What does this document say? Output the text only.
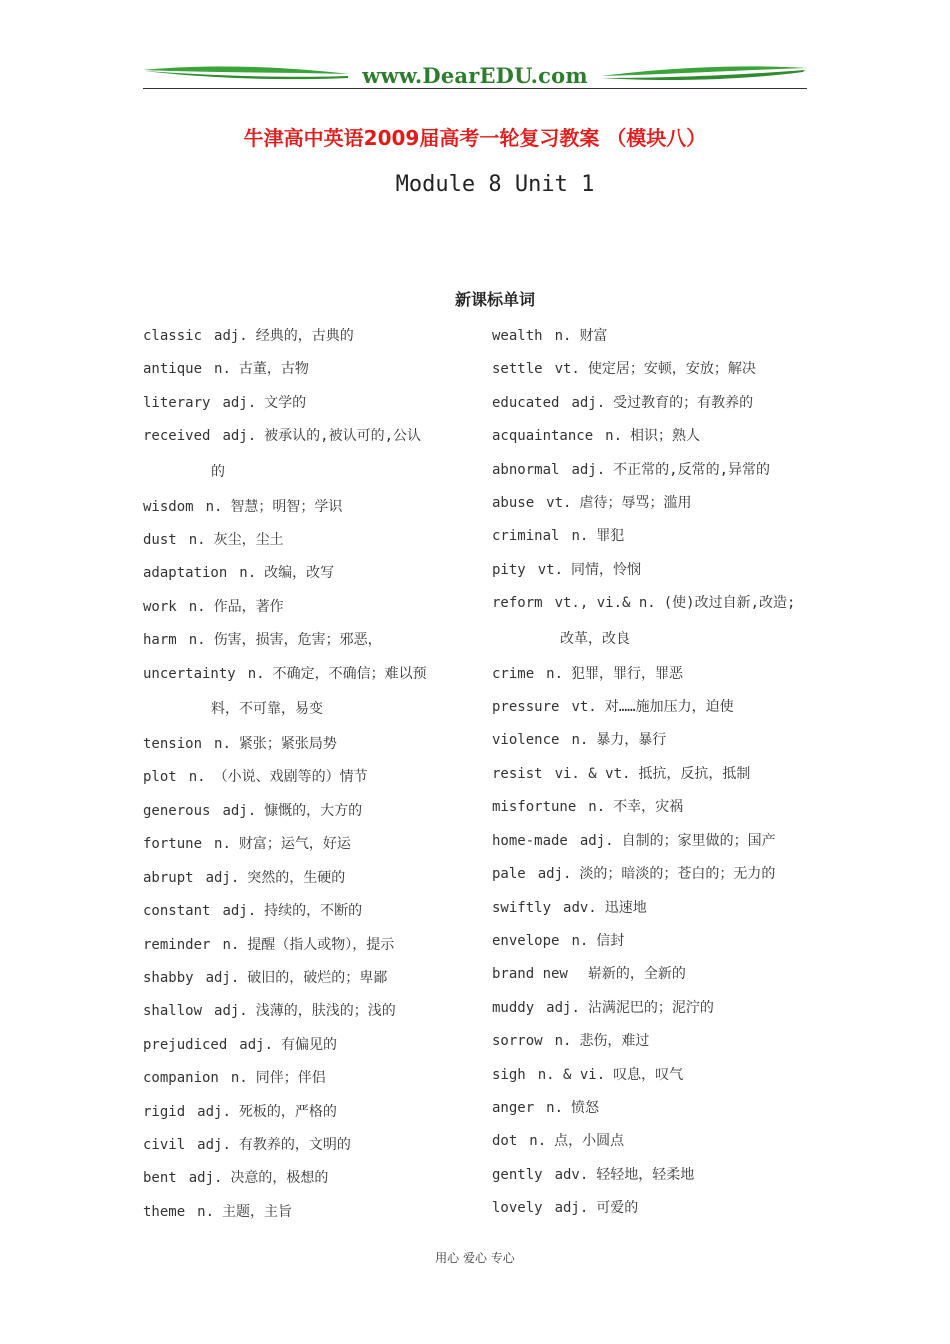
www.DearEDU.com
牛津高中英语2009届高考一轮复习教案 （模块八）
Module 8 Unit 1
新课标单词
classic adj. 经典的，古典的
antique n. 古董，古物
literary adj. 文学的
received adj. 被承认的,被认可的,公认
的
wisdom n. 智慧；明智；学识
dust n. 灰尘，尘土
adaptation n. 改编，改写
work n. 作品，著作
harm n. 伤害，损害，危害；邪恶，
uncertainty n. 不确定，不确信；难以预
料，不可靠，易变
tension n. 紧张；紧张局势
plot n. （小说、戏剧等的）情节
generous adj. 慷慨的，大方的
fortune n. 财富；运气，好运
abrupt adj. 突然的，生硬的
constant adj. 持续的，不断的
reminder n. 提醒（指人或物），提示
shabby adj. 破旧的，破烂的；卑鄙
shallow adj. 浅薄的，肤浅的；浅的
prejudiced adj. 有偏见的
companion n. 同伴；伴侣
rigid adj. 死板的，严格的
civil adj. 有教养的，文明的
bent adj. 决意的，极想的
theme n. 主题，主旨
wealth n. 财富
settle vt. 使定居；安顿，安放；解决
educated adj. 受过教育的；有教养的
acquaintance n. 相识；熟人
abnormal adj. 不正常的,反常的,异常的
abuse vt. 虐待；辱骂；滥用
criminal n. 罪犯
pity vt. 同情，怜悯
reform vt., vi.& n. (使)改过自新,改造;
改革，改良
crime n. 犯罪，罪行，罪恶
pressure vt. 对……施加压力，迫使
violence n. 暴力，暴行
resist vi. & vt. 抵抗，反抗，抵制
misfortune n. 不幸，灾祸
home-made adj. 自制的；家里做的；国产
pale adj. 淡的；暗淡的；苍白的；无力的
swiftly adv. 迅速地
envelope n. 信封
brand new 崭新的，全新的
muddy adj. 沾满泥巴的；泥泞的
sorrow n. 悲伤，难过
sigh n. & vi. 叹息，叹气
anger n. 愤怒
dot n. 点，小圆点
gently adv. 轻轻地，轻柔地
lovely adj. 可爱的
用心 爱心 专心
